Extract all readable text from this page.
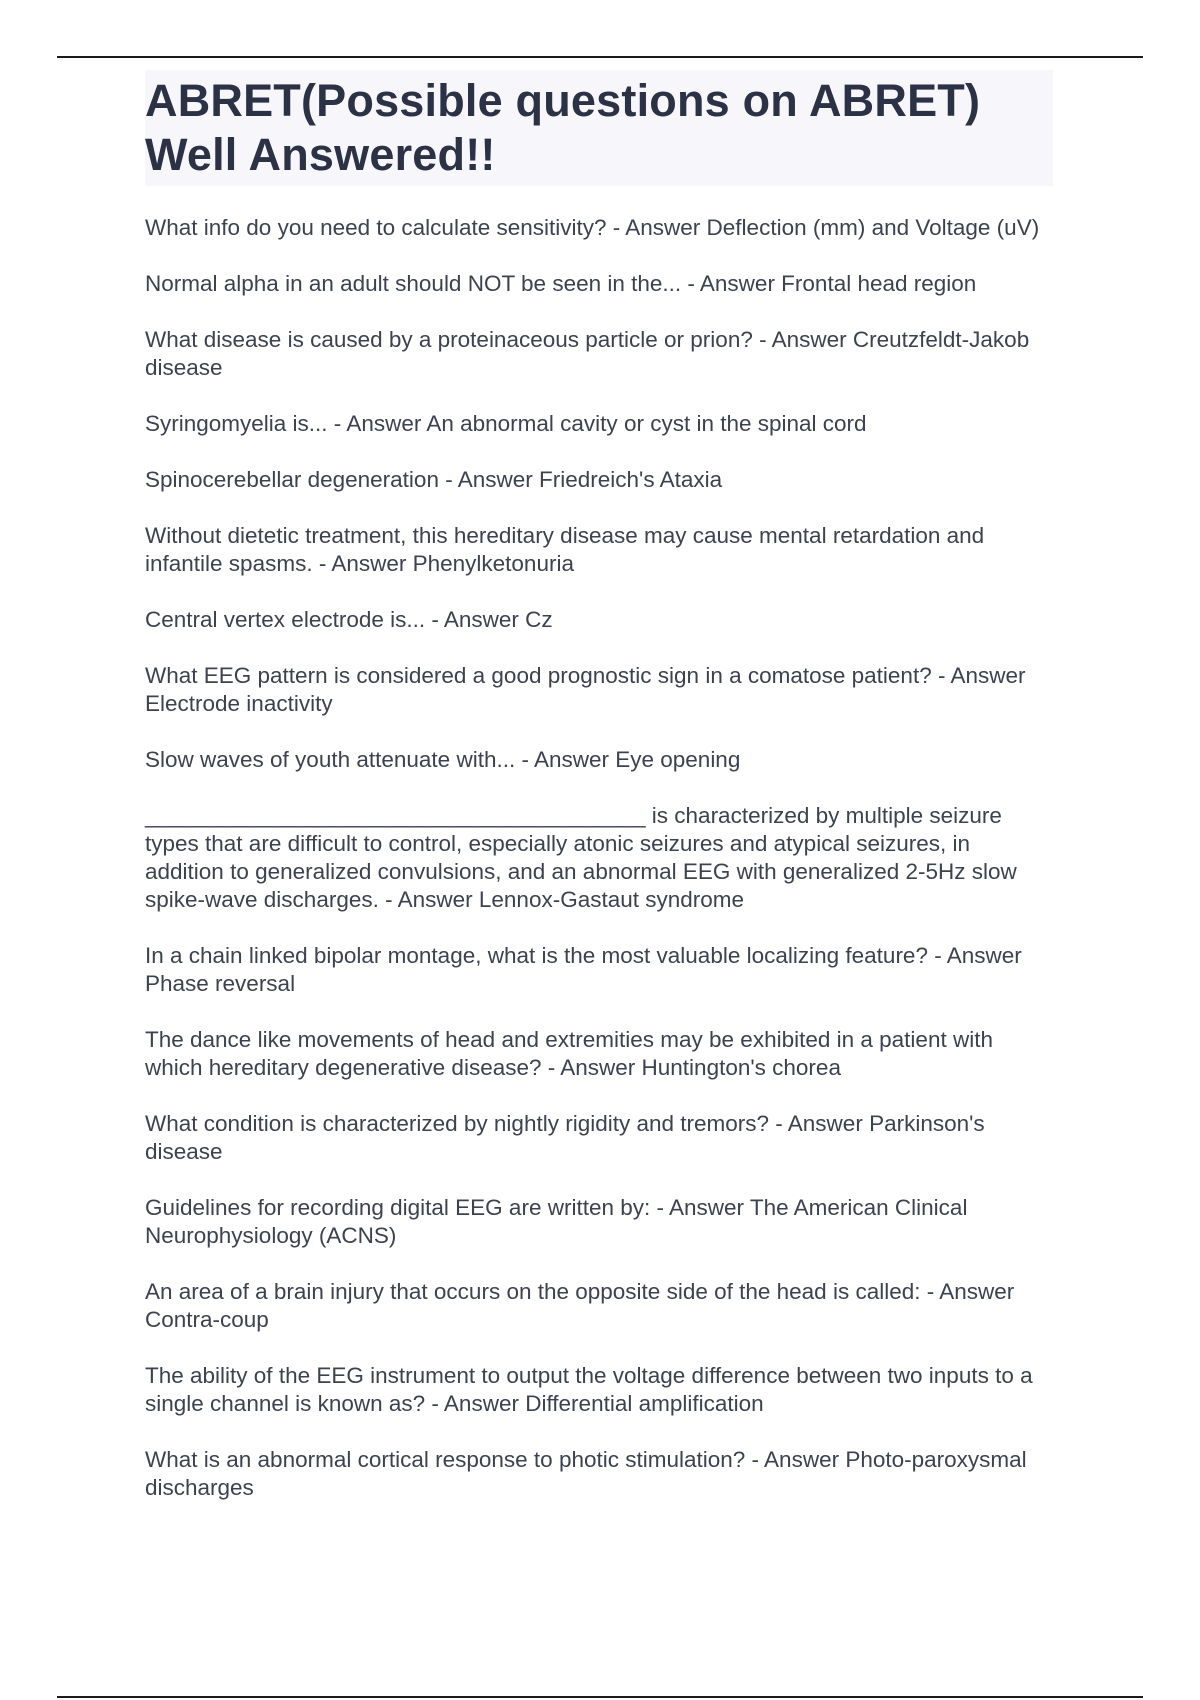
ABRET(Possible questions on ABRET) Well Answered!!

What info do you need to calculate sensitivity? - Answer Deflection (mm) and Voltage (uV)

Normal alpha in an adult should NOT be seen in the... - Answer Frontal head region

What disease is caused by a proteinaceous particle or prion? - Answer Creutzfeldt-Jakob disease

Syringomyelia is... - Answer An abnormal cavity or cyst in the spinal cord

Spinocerebellar degeneration - Answer Friedreich's Ataxia

Without dietetic treatment, this hereditary disease may cause mental retardation and infantile spasms. - Answer Phenylketonuria

Central vertex electrode is... - Answer Cz

What EEG pattern is considered a good prognostic sign in a comatose patient? - Answer Electrode inactivity

Slow waves of youth attenuate with... - Answer Eye opening

________________________________________ is characterized by multiple seizure types that are difficult to control, especially atonic seizures and atypical seizures, in addition to generalized convulsions, and an abnormal EEG with generalized 2-5Hz slow spike-wave discharges. - Answer Lennox-Gastaut syndrome

In a chain linked bipolar montage, what is the most valuable localizing feature? - Answer Phase reversal

The dance like movements of head and extremities may be exhibited in a patient with which hereditary degenerative disease? - Answer Huntington's chorea

What condition is characterized by nightly rigidity and tremors? - Answer Parkinson's disease

Guidelines for recording digital EEG are written by: - Answer The American Clinical Neurophysiology (ACNS)

An area of a brain injury that occurs on the opposite side of the head is called: - Answer Contra-coup

The ability of the EEG instrument to output the voltage difference between two inputs to a single channel is known as? - Answer Differential amplification

What is an abnormal cortical response to photic stimulation? - Answer Photo-paroxysmal discharges
